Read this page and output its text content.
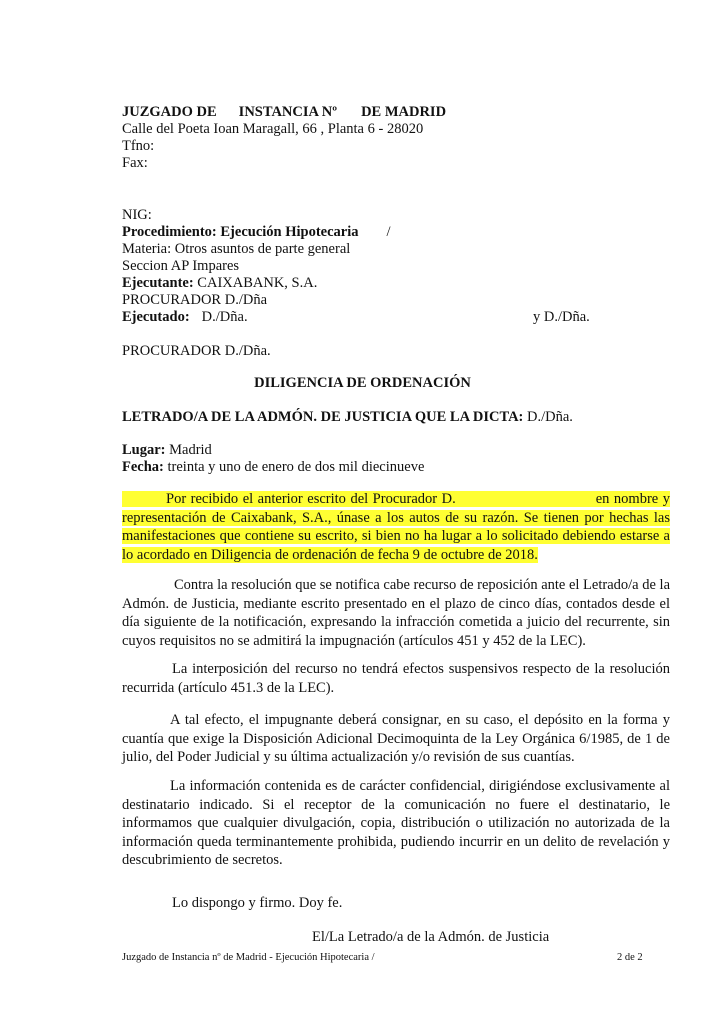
JUZGADO DE INSTANCIA Nº DE MADRID
Calle del Poeta Ioan Maragall, 66 , Planta 6 - 28020
Tfno:
Fax:
NIG:
Procedimiento: Ejecución Hipotecaria /
Materia: Otros asuntos de parte general
Seccion AP Impares
Ejecutante: CAIXABANK, S.A.
PROCURADOR D./Dña
Ejecutado: D./Dña.	y D./Dña.
PROCURADOR D./Dña.
DILIGENCIA DE ORDENACIÓN
LETRADO/A DE LA ADMÓN. DE JUSTICIA QUE LA DICTA: D./Dña.
Lugar: Madrid
Fecha: treinta y uno de enero de dos mil diecinueve
Por recibido el anterior escrito del Procurador D.	en nombre y representación de Caixabank, S.A., únase a los autos de su razón. Se tienen por hechas las manifestaciones que contiene su escrito, si bien no ha lugar a lo solicitado debiendo estarse a lo acordado en Diligencia de ordenación de fecha 9 de octubre de 2018.
Contra la resolución que se notifica cabe recurso de reposición ante el Letrado/a de la Admón. de Justicia, mediante escrito presentado en el plazo de cinco días, contados desde el día siguiente de la notificación, expresando la infracción cometida a juicio del recurrente, sin cuyos requisitos no se admitirá la impugnación (artículos 451 y 452 de la LEC).
La interposición del recurso no tendrá efectos suspensivos respecto de la resolución recurrida (artículo 451.3 de la LEC).
A tal efecto, el impugnante deberá consignar, en su caso, el depósito en la forma y cuantía que exige la Disposición Adicional Decimoquinta de la Ley Orgánica 6/1985, de 1 de julio, del Poder Judicial y su última actualización y/o revisión de sus cuantías.
La información contenida es de carácter confidencial, dirigiéndose exclusivamente al destinatario indicado. Si el receptor de la comunicación no fuere el destinatario, le informamos que cualquier divulgación, copia, distribución o utilización no autorizada de la información queda terminantemente prohibida, pudiendo incurrir en un delito de revelación y descubrimiento de secretos.
Lo dispongo y firmo. Doy fe.
El/La Letrado/a de la Admón. de Justicia
Juzgado de Instancia nº de Madrid - Ejecución Hipotecaria /	2 de 2
